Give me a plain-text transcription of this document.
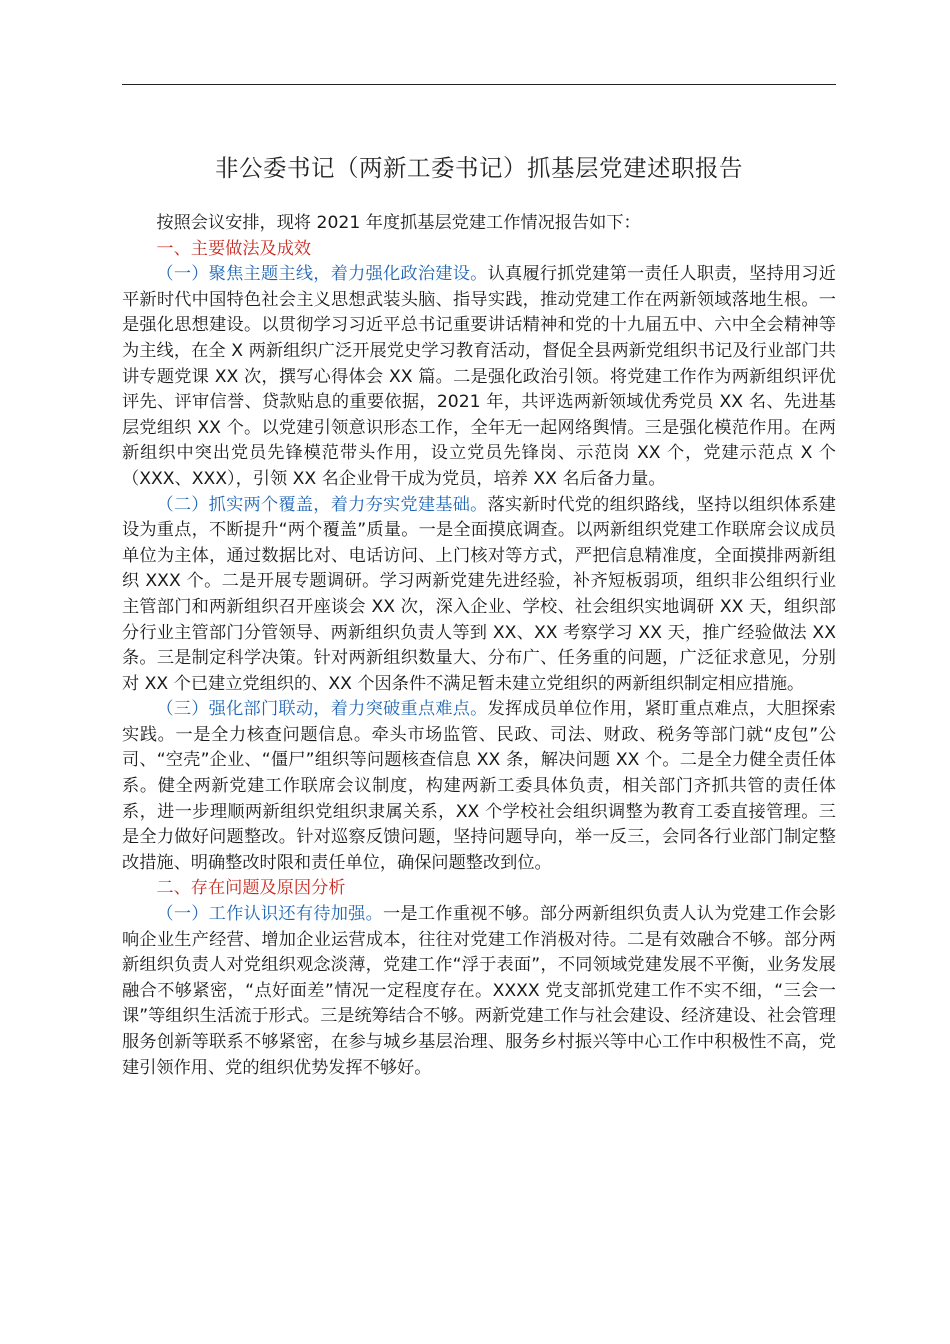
非公委书记（两新工委书记）抓基层党建述职报告

按照会议安排，现将 2021 年度抓基层党建工作情况报告如下：

一、主要做法及成效

（一）聚焦主题主线，着力强化政治建设。认真履行抓党建第一责任人职责，坚持用习近平新时代中国特色社会主义思想武装头脑、指导实践，推动党建工作在两新领域落地生根。一是强化思想建设。以贯彻学习习近平总书记重要讲话精神和党的十九届五中、六中全会精神等为主线，在全 X 两新组织广泛开展党史学习教育活动，督促全县两新党组织书记及行业部门共讲专题党课 XX 次，撰写心得体会 XX 篇。二是强化政治引领。将党建工作作为两新组织评优评先、评审信誉、贷款贴息的重要依据，2021 年，共评选两新领域优秀党员 XX 名、先进基层党组织 XX 个。以党建引领意识形态工作，全年无一起网络舆情。三是强化模范作用。在两新组织中突出党员先锋模范带头作用，设立党员先锋岗、示范岗 XX 个，党建示范点 X 个（XXX、XXX），引领 XX 名企业骨干成为党员，培养 XX 名后备力量。

（二）抓实两个覆盖，着力夯实党建基础。落实新时代党的组织路线，坚持以组织体系建设为重点，不断提升“两个覆盖”质量。一是全面摸底调查。以两新组织党建工作联席会议成员单位为主体，通过数据比对、电话访问、上门核对等方式，严把信息精准度，全面摸排两新组织 XXX 个。二是开展专题调研。学习两新党建先进经验，补齐短板弱项，组织非公组织行业主管部门和两新组织召开座谈会 XX 次，深入企业、学校、社会组织实地调研 XX 天，组织部分行业主管部门分管领导、两新组织负责人等到 XX、XX 考察学习 XX 天，推广经验做法 XX 条。三是制定科学决策。针对两新组织数量大、分布广、任务重的问题，广泛征求意见，分别对 XX 个已建立党组织的、XX 个因条件不满足暂未建立党组织的两新组织制定相应措施。

（三）强化部门联动，着力突破重点难点。发挥成员单位作用，紧盯重点难点，大胆探索实践。一是全力核查问题信息。牵头市场监管、民政、司法、财政、税务等部门就“皮包”公司、“空壳”企业、“僵尸”组织等问题核查信息 XX 条，解决问题 XX 个。二是全力健全责任体系。健全两新党建工作联席会议制度，构建两新工委具体负责，相关部门齐抓共管的责任体系，进一步理顺两新组织党组织隶属关系，XX 个学校社会组织调整为教育工委直接管理。三是全力做好问题整改。针对巡察反馈问题，坚持问题导向，举一反三，会同各行业部门制定整改措施、明确整改时限和责任单位，确保问题整改到位。

二、存在问题及原因分析

（一）工作认识还有待加强。一是工作重视不够。部分两新组织负责人认为党建工作会影响企业生产经营、增加企业运营成本，往往对党建工作消极对待。二是有效融合不够。部分两新组织负责人对党组织观念淡薄，党建工作“浮于表面”，不同领域党建发展不平衡，业务发展融合不够紧密，“点好面差”情况一定程度存在。XXXX 党支部抓党建工作不实不细，“三会一课”等组织生活流于形式。三是统筹结合不够。两新党建工作与社会建设、经济建设、社会管理服务创新等联系不够紧密，在参与城乡基层治理、服务乡村振兴等中心工作中积极性不高，党建引领作用、党的组织优势发挥不够好。
